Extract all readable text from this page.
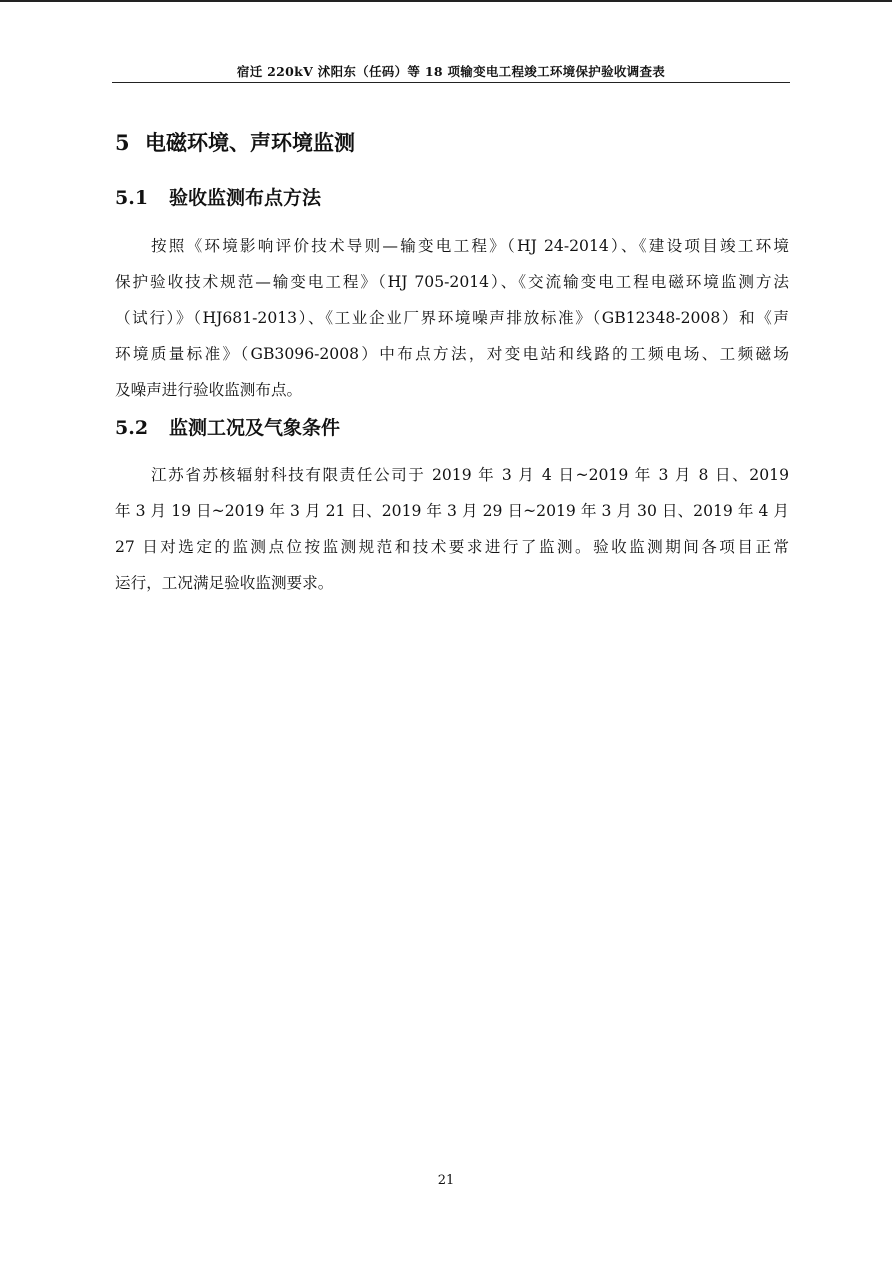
宿迁 220kV 沭阳东（任码）等 18 项输变电工程竣工环境保护验收调查表
5 电磁环境、声环境监测
5.1 验收监测布点方法
按照《环境影响评价技术导则—输变电工程》（HJ 24-2014）、《建设项目竣工环境
保护验收技术规范—输变电工程》（HJ 705-2014）、《交流输变电工程电磁环境监测方法
（试行）》（HJ681-2013）、《工业企业厂界环境噪声排放标准》（GB12348-2008）和《声
环境质量标准》（GB3096-2008）中布点方法，对变电站和线路的工频电场、工频磁场
及噪声进行验收监测布点。
5.2 监测工况及气象条件
江苏省苏核辐射科技有限责任公司于 2019 年 3 月 4 日~2019 年 3 月 8 日、2019
年 3 月 19 日~2019 年 3 月 21 日、2019 年 3 月 29 日~2019 年 3 月 30 日、2019 年 4 月
27 日对选定的监测点位按监测规范和技术要求进行了监测。验收监测期间各项目正常
运行，工况满足验收监测要求。
21
